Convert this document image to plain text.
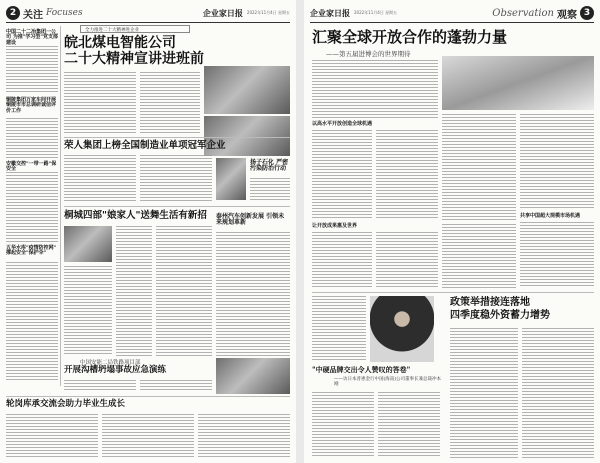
2 关注 Focuses	企业家日报 2022年11月4日 星期五
中国二十二冶集团一公司 为推"学习型"党支部建设
铜陵集团万家车间开展 铜陵市市总调研诚信评价工作
安徽交控"一带一路"保安全
五华水库"疫情防控网" 撑起安全"保护伞"
全力推进二十大精神进企业
皖北煤电智能公司
二十大精神宣讲进班前
荣人集团上榜全国制造业单项冠军企业
扬子石化 严密污染防治行动
桐城四部"娘家人"送舞生活有新招 泰州汽车创新发展 引领未来规划革新
中国安能二局铁路项目部
开展沟槽坍塌事故应急演练
轮岗库承交流会助力毕业生成长
企业家日报 2022年11月4日 星期五	Observation 观察 3
汇聚全球开放合作的蓬勃力量
——第五届进博会的世界期待
以高水平开放创造全球机遇
让开放成果惠及世界
共享中国超大规模市场机遇
"中硬品牌交出令人赞叹的答卷"
——访日本普惠金行中国(海南)公司董事长兼总裁冲本刚
政策举措接连落地
四季度稳外资蓄力增势
